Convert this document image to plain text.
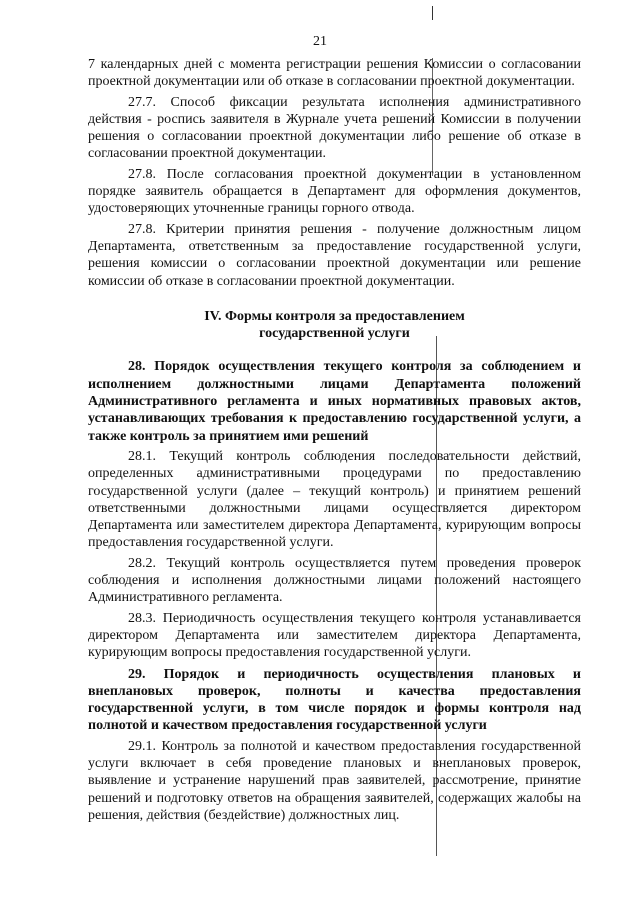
21

7 календарных дней с момента регистрации решения Комиссии о согласовании проектной документации или об отказе в согласовании проектной документации.

27.7. Способ фиксации результата исполнения административного действия - роспись заявителя в Журнале учета решений Комиссии в получении решения о согласовании проектной документации либо решение об отказе в согласовании проектной документации.

27.8. После согласования проектной документации в установленном порядке заявитель обращается в Департамент для оформления документов, удостоверяющих уточненные границы горного отвода.

27.8. Критерии принятия решения - получение должностным лицом Департамента, ответственным за предоставление государственной услуги, решения комиссии о согласовании проектной документации или решение комиссии об отказе в согласовании проектной документации.

IV. Формы контроля за предоставлением
государственной услуги

28. Порядок осуществления текущего контроля за соблюдением и исполнением должностными лицами Департамента положений Административного регламента и иных нормативных правовых актов, устанавливающих требования к предоставлению государственной услуги, а также контроль за принятием ими решений

28.1. Текущий контроль соблюдения последовательности действий, определенных административными процедурами по предоставлению государственной услуги (далее – текущий контроль) и принятием решений ответственными должностными лицами осуществляется директором Департамента или заместителем директора Департамента, курирующим вопросы предоставления государственной услуги.

28.2. Текущий контроль осуществляется путем проведения проверок соблюдения и исполнения должностными лицами положений настоящего Административного регламента.

28.3. Периодичность осуществления текущего контроля устанавливается директором Департамента или заместителем директора Департамента, курирующим вопросы предоставления государственной услуги.

29. Порядок и периодичность осуществления плановых и внеплановых проверок, полноты и качества предоставления государственной услуги, в том числе порядок и формы контроля над полнотой и качеством предоставления государственной услуги

29.1. Контроль за полнотой и качеством предоставления государственной услуги включает в себя проведение плановых и внеплановых проверок, выявление и устранение нарушений прав заявителей, рассмотрение, принятие решений и подготовку ответов на обращения заявителей, содержащих жалобы на решения, действия (бездействие) должностных лиц.
